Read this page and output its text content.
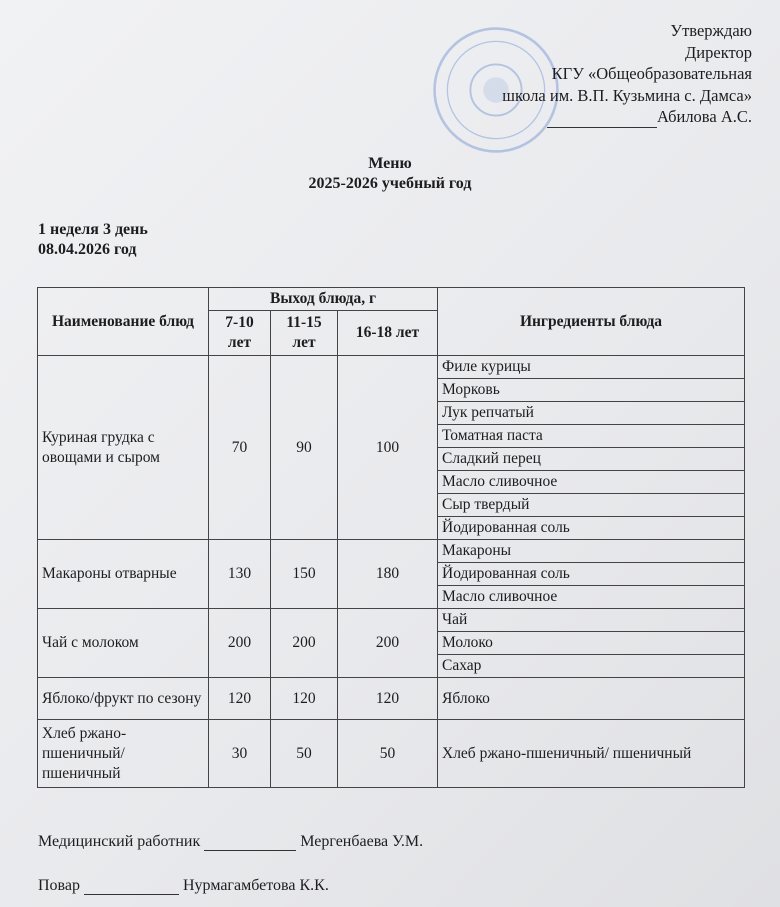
Утверждаю
Директор
КГУ «Общеобразовательная
школа им. В.П. Кузьмина с. Дамса»
Абилова А.С.
Меню
2025-2026 учебный год
1 неделя 3 день
08.04.2026 год
Наименование блюд	Выход блюда, г			Ингредиенты блюда
	7-10 лет	11-15 лет	16-18 лет	
Куриная грудка с овощами и сыром	70	90	100	Филе курицы
				Морковь
				Лук репчатый
				Томатная паста
				Сладкий перец
				Масло сливочное
				Сыр твердый
				Йодированная соль
Макароны отварные	130	150	180	Макароны
				Йодированная соль
				Масло сливочное
Чай с молоком	200	200	200	Чай
				Молоко
				Сахар
Яблоко/фрукт по сезону	120	120	120	Яблоко
Хлеб ржано-пшеничный/ пшеничный	30	50	50	Хлеб ржано-пшеничный/ пшеничный
Медицинский работник	Мергенбаева У.М.
Повар	Нурмагамбетова К.К.
